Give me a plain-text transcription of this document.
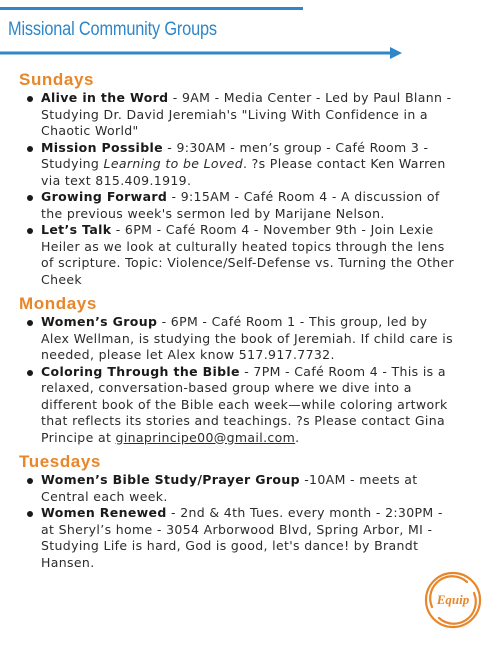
Missional Community Groups
Sundays
Alive in the Word - 9AM - Media Center - Led by Paul Blann - Studying Dr. David Jeremiah's "Living With Confidence in a Chaotic World"
Mission Possible - 9:30AM - men’s group - Café Room 3 - Studying Learning to be Loved. ?s Please contact Ken Warren via text 815.409.1919.
Growing Forward - 9:15AM - Café Room 4 - A discussion of the previous week's sermon led by Marijane Nelson.
Let’s Talk - 6PM - Café Room 4 - November 9th - Join Lexie Heiler as we look at culturally heated topics through the lens of scripture. Topic: Violence/Self-Defense vs. Turning the Other Cheek
Mondays
Women’s Group - 6PM - Café Room 1 - This group, led by Alex Wellman, is studying the book of Jeremiah. If child care is needed, please let Alex know 517.917.7732.
Coloring Through the Bible - 7PM - Café Room 4 - This is a relaxed, conversation-based group where we dive into a different book of the Bible each week—while coloring artwork that reflects its stories and teachings. ?s Please contact Gina Principe at ginaprincipe00@gmail.com.
Tuesdays
Women’s Bible Study/Prayer Group -10AM - meets at Central each week.
Women Renewed - 2nd & 4th Tues. every month - 2:30PM - at Sheryl’s home - 3054 Arborwood Blvd, Spring Arbor, MI - Studying Life is hard, God is good, let's dance! by Brandt Hansen.
Equip
